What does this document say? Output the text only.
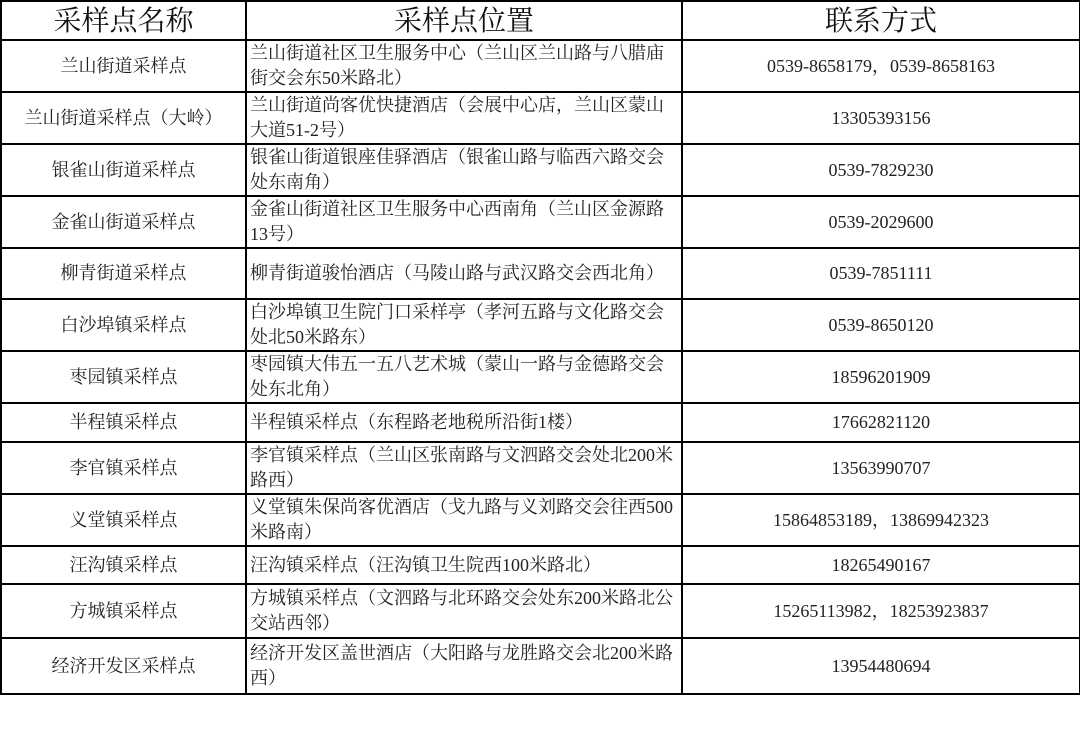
采样点名称	采样点位置	联系方式
兰山街道采样点	兰山街道社区卫生服务中心（兰山区兰山路与八腊庙街交会东50米路北）	0539-8658179，0539-8658163
兰山街道采样点（大岭）	兰山街道尚客优快捷酒店（会展中心店，兰山区蒙山大道51-2号）	13305393156
银雀山街道采样点	银雀山街道银座佳驿酒店（银雀山路与临西六路交会处东南角）	0539-7829230
金雀山街道采样点	金雀山街道社区卫生服务中心西南角（兰山区金源路13号）	0539-2029600
柳青街道采样点	柳青街道骏怡酒店（马陵山路与武汉路交会西北角）	0539-7851111
白沙埠镇采样点	白沙埠镇卫生院门口采样亭（孝河五路与文化路交会处北50米路东）	0539-8650120
枣园镇采样点	枣园镇大伟五一五八艺术城（蒙山一路与金德路交会处东北角）	18596201909
半程镇采样点	半程镇采样点（东程路老地税所沿街1楼）	17662821120
李官镇采样点	李官镇采样点（兰山区张南路与文泗路交会处北200米路西）	13563990707
义堂镇采样点	义堂镇朱保尚客优酒店（戈九路与义刘路交会往西500米路南）	15864853189，13869942323
汪沟镇采样点	汪沟镇采样点（汪沟镇卫生院西100米路北）	18265490167
方城镇采样点	方城镇采样点（文泗路与北环路交会处东200米路北公交站西邻）	15265113982，18253923837
经济开发区采样点	经济开发区盖世酒店（大阳路与龙胜路交会北200米路西）	13954480694
